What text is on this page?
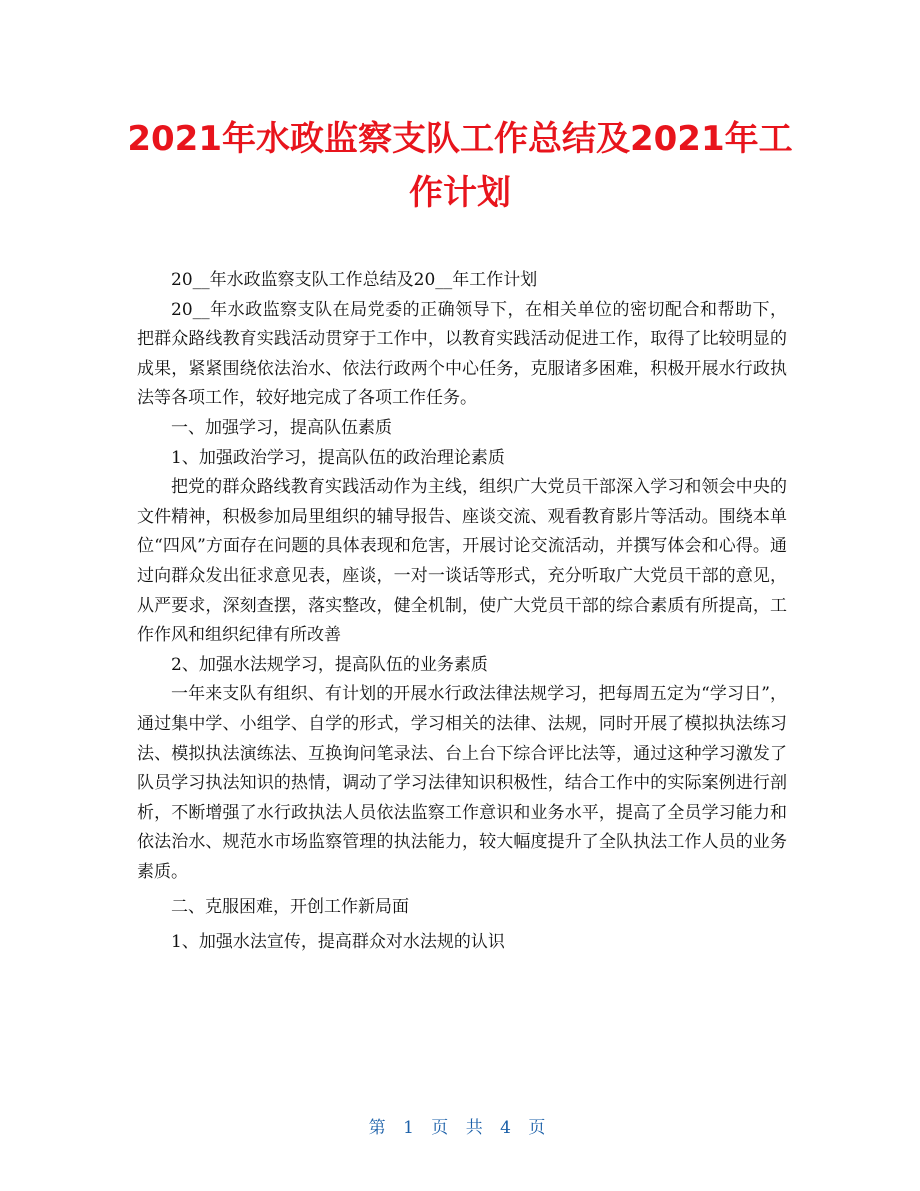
2021年水政监察支队工作总结及2021年工作计划

20__年水政监察支队工作总结及20__年工作计划

20__年水政监察支队在局党委的正确领导下，在相关单位的密切配合和帮助下，把群众路线教育实践活动贯穿于工作中，以教育实践活动促进工作，取得了比较明显的成果，紧紧围绕依法治水、依法行政两个中心任务，克服诸多困难，积极开展水行政执法等各项工作，较好地完成了各项工作任务。

一、加强学习，提高队伍素质

1、加强政治学习，提高队伍的政治理论素质

把党的群众路线教育实践活动作为主线，组织广大党员干部深入学习和领会中央的文件精神，积极参加局里组织的辅导报告、座谈交流、观看教育影片等活动。围绕本单位“四风”方面存在问题的具体表现和危害，开展讨论交流活动，并撰写体会和心得。通过向群众发出征求意见表，座谈，一对一谈话等形式，充分听取广大党员干部的意见，从严要求，深刻查摆，落实整改，健全机制，使广大党员干部的综合素质有所提高，工作作风和组织纪律有所改善

2、加强水法规学习，提高队伍的业务素质

一年来支队有组织、有计划的开展水行政法律法规学习，把每周五定为“学习日”，通过集中学、小组学、自学的形式，学习相关的法律、法规，同时开展了模拟执法练习法、模拟执法演练法、互换询问笔录法、台上台下综合评比法等，通过这种学习激发了队员学习执法知识的热情，调动了学习法律知识积极性，结合工作中的实际案例进行剖析，不断增强了水行政执法人员依法监察工作意识和业务水平，提高了全员学习能力和依法治水、规范水市场监察管理的执法能力，较大幅度提升了全队执法工作人员的业务素质。

二、克服困难，开创工作新局面

1、加强水法宣传，提高群众对水法规的认识

第 1 页 共 4 页
